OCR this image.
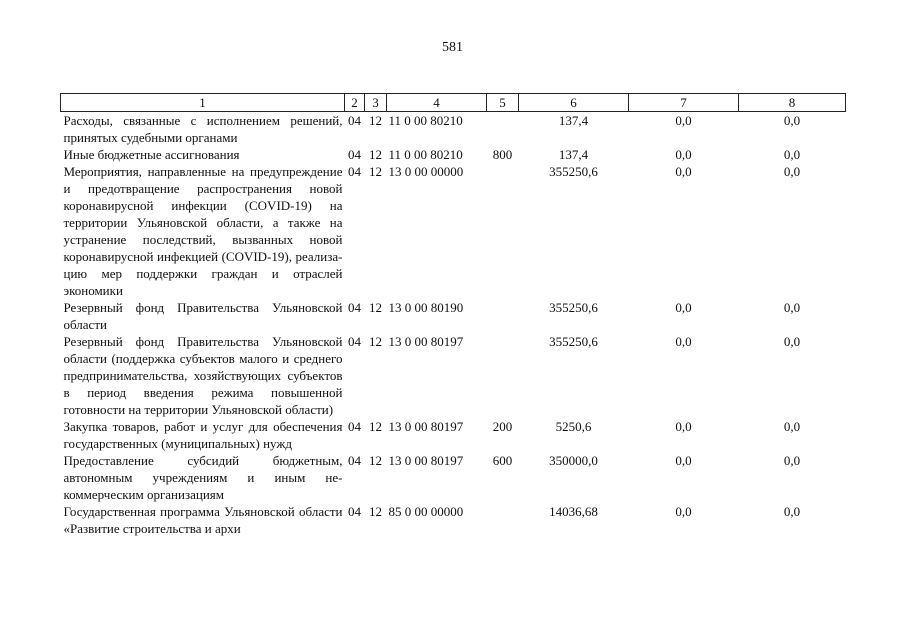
581
1	2	3	4	5	6	7	8
Расходы, связанные с исполнением решений, принятых судебными органами	04	12	11 0 00 80210		137,4	0,0	0,0
Иные бюджетные ассигнования	04	12	11 0 00 80210	800	137,4	0,0	0,0
Мероприятия, направленные на предупреждение и предотвращение распространения новой коронавирусной инфекции (COVID-19) на территории Ульяновской области, а также на устранение последствий, вызванных новой коронавирусной инфекцией (COVID-19), реализацию мер поддержки граждан и отраслей экономики	04	12	13 0 00 00000		355250,6	0,0	0,0
Резервный фонд Правительства Ульяновской области	04	12	13 0 00 80190		355250,6	0,0	0,0
Резервный фонд Правительства Ульяновской области (поддержка субъектов малого и среднего предпринимательства, хозяйствующих субъектов в период введения режима повышенной готовности на территории Ульяновской области)	04	12	13 0 00 80197		355250,6	0,0	0,0
Закупка товаров, работ и услуг для обеспечения государственных (муниципальных) нужд	04	12	13 0 00 80197	200	5250,6	0,0	0,0
Предоставление субсидий бюджетным, автономным учреждениям и иным некоммерческим организациям	04	12	13 0 00 80197	600	350000,0	0,0	0,0
Государственная программа Ульяновской области «Развитие строительства и архи	04	12	85 0 00 00000		14036,68	0,0	0,0
